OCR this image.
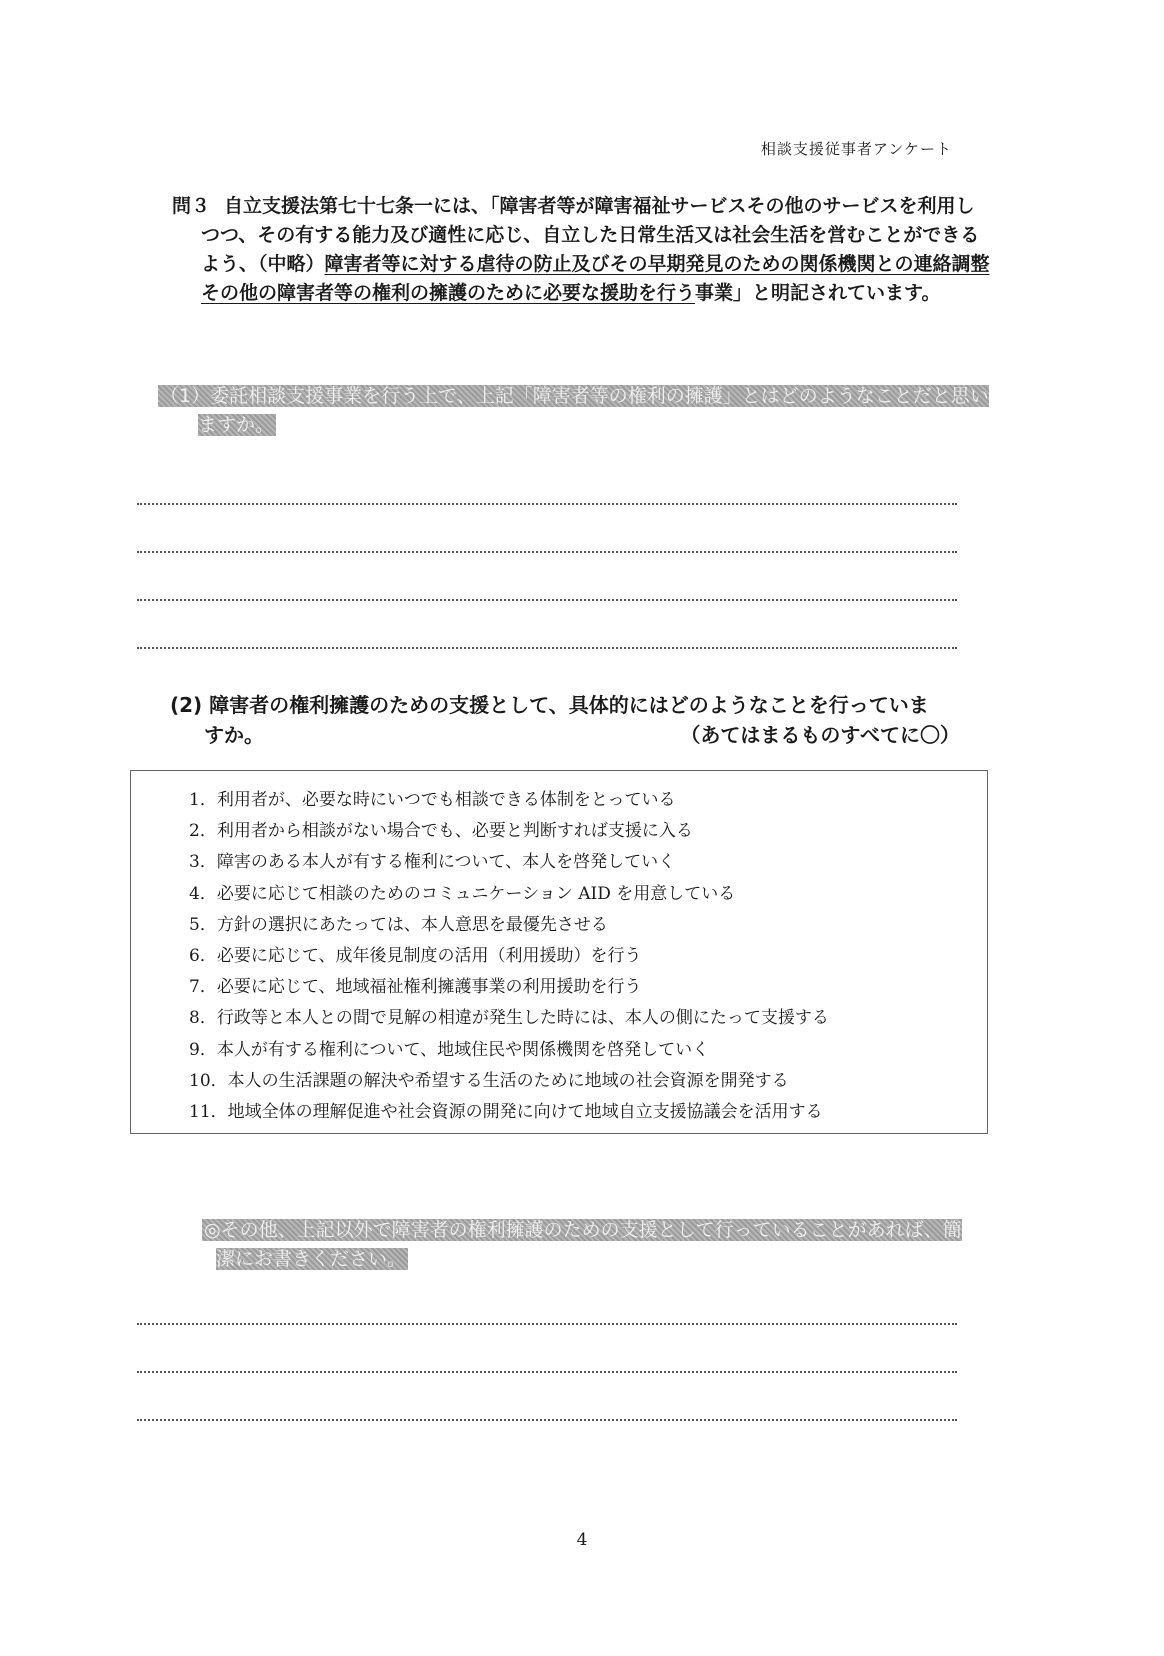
相談支援従事者アンケート
問３ 自立支援法第七十七条一には、「障害者等が障害福祉サービスその他のサービスを利用しつつ、その有する能力及び適性に応じ、自立した日常生活又は社会生活を営むことができるよう、（中略）障害者等に対する虐待の防止及びその早期発見のための関係機関との連絡調整その他の障害者等の権利の擁護のために必要な援助を行う事業」と明記されています。
（1）委託相談支援事業を行う上で、上記「障害者等の権利の擁護」とはどのようなことだと思いますか。
(2) 障害者の権利擁護のための支援として、具体的にはどのようなことを行っていま
すか。	（あてはまるものすべてに〇）
1．利用者が、必要な時にいつでも相談できる体制をとっている
2．利用者から相談がない場合でも、必要と判断すれば支援に入る
3．障害のある本人が有する権利について、本人を啓発していく
4．必要に応じて相談のためのコミュニケーション AID を用意している
5．方針の選択にあたっては、本人意思を最優先させる
6．必要に応じて、成年後見制度の活用（利用援助）を行う
7．必要に応じて、地域福祉権利擁護事業の利用援助を行う
8．行政等と本人との間で見解の相違が発生した時には、本人の側にたって支援する
9．本人が有する権利について、地域住民や関係機関を啓発していく
10．本人の生活課題の解決や希望する生活のために地域の社会資源を開発する
11．地域全体の理解促進や社会資源の開発に向けて地域自立支援協議会を活用する
◎その他、上記以外で障害者の権利擁護のための支援として行っていることがあれば、簡潔にお書きください。
4
